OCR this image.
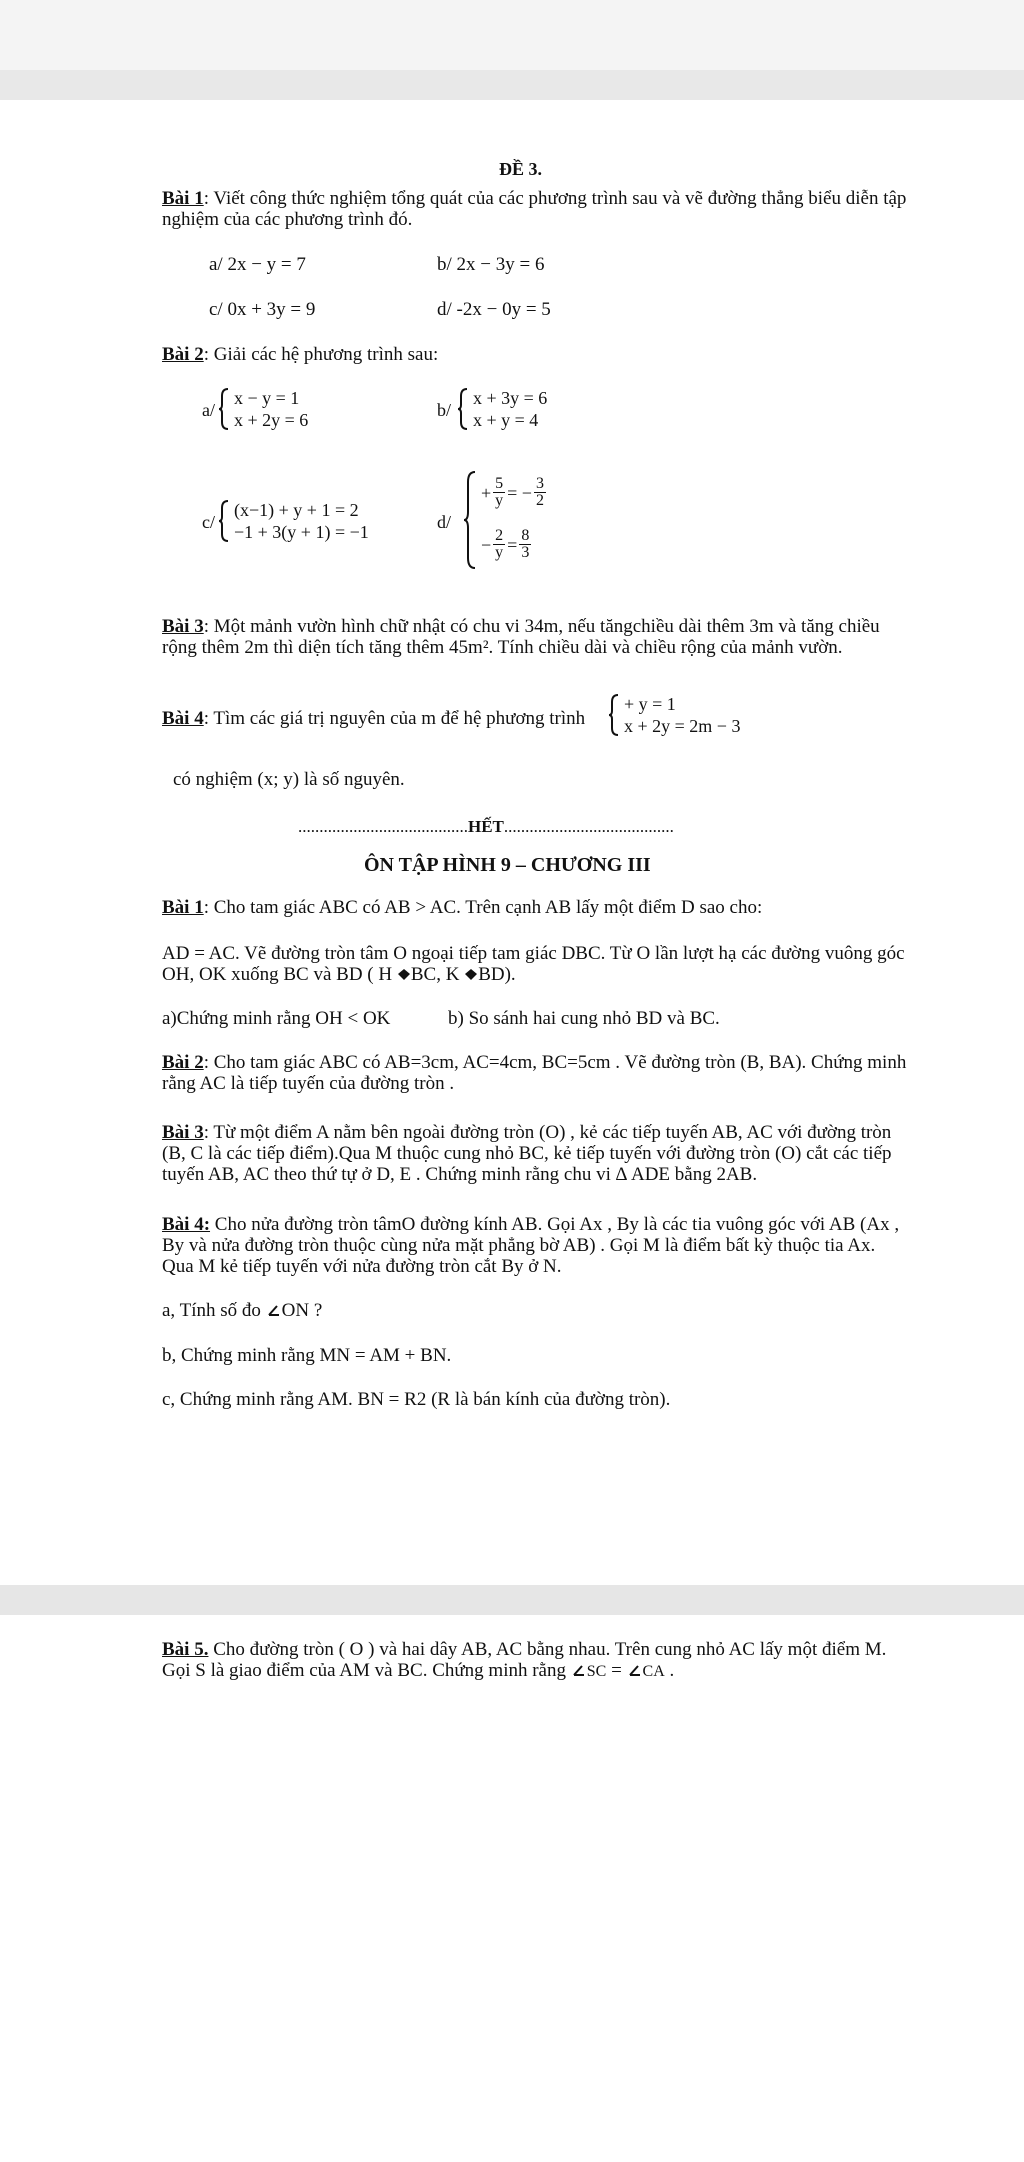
ĐỀ 3.
Bài 1: Viết công thức nghiệm tổng quát của các phương trình sau và vẽ đường thẳng biểu diễn tập
nghiệm của các phương trình đó.
a/ 2x − y = 7	b/ 2x − 3y = 6
c/ 0x + 3y = 9	d/ -2x − 0y = 5
Bài 2: Giải các hệ phương trình sau:
a/
x − y = 1
x + 2y = 6	b/
x + 3y = 6
x + y = 4
c/
(x−1) + y + 1 = 2
−1 + 3(y + 1) = −1	d/
+ $\frac{5}{y}$ = − $\frac{3}{2}$
− $\frac{2}{y} = \frac{8}{3}$
Bài 3: Một mảnh vườn hình chữ nhật có chu vi 34m, nếu tăngchiều dài thêm 3m và tăng chiều
rộng thêm 2m thì diện tích tăng thêm 45m². Tính chiều dài và chiều rộng của mảnh vườn.
Bài 4: Tìm các giá trị nguyên của m để hệ phương trình
+ y = 1
x + 2y = 2m − 3
có nghiệm (x; y) là số nguyên.
........................................HẾT........................................
ÔN TẬP HÌNH 9 – CHƯƠNG III
Bài 1: Cho tam giác ABC có AB > AC. Trên cạnh AB lấy một điểm D sao cho:
AD = AC. Vẽ đường tròn tâm O ngoại tiếp tam giác DBC. Từ O lần lượt hạ các đường vuông góc
OH, OK xuống BC và BD ( H BC, K BD).
a)Chứng minh rằng OH < OK	b) So sánh hai cung nhỏ BD và BC.
Bài 2: Cho tam giác ABC có AB=3cm, AC=4cm, BC=5cm . Vẽ đường tròn (B, BA). Chứng minh
rằng AC là tiếp tuyến của đường tròn .
Bài 3: Từ một điểm A nằm bên ngoài đường tròn (O) , kẻ các tiếp tuyến AB, AC với đường tròn
(B, C là các tiếp điểm).Qua M thuộc cung nhỏ BC, kẻ tiếp tuyến với đường tròn (O) cắt các tiếp
tuyến AB, AC theo thứ tự ở D, E . Chứng minh rằng chu vi ∆ ADE bằng 2AB.
Bài 4: Cho nửa đường tròn tâmO đường kính AB. Gọi Ax , By là các tia vuông góc với AB (Ax ,
By và nửa đường tròn thuộc cùng nửa mặt phẳng bờ AB) . Gọi M là điểm bất kỳ thuộc tia Ax.
Qua M kẻ tiếp tuyến với nửa đường tròn cắt By ở N.
a, Tính số đo ON ?
b, Chứng minh rằng MN = AM + BN.
c, Chứng minh rằng AM. BN = R2 (R là bán kính của đường tròn).
Bài 5. Cho đường tròn ( O ) và hai dây AB, AC bằng nhau. Trên cung nhỏ AC lấy một điểm M.
Gọi S là giao điểm của AM và BC. Chứng minh rằng SC = CA .
